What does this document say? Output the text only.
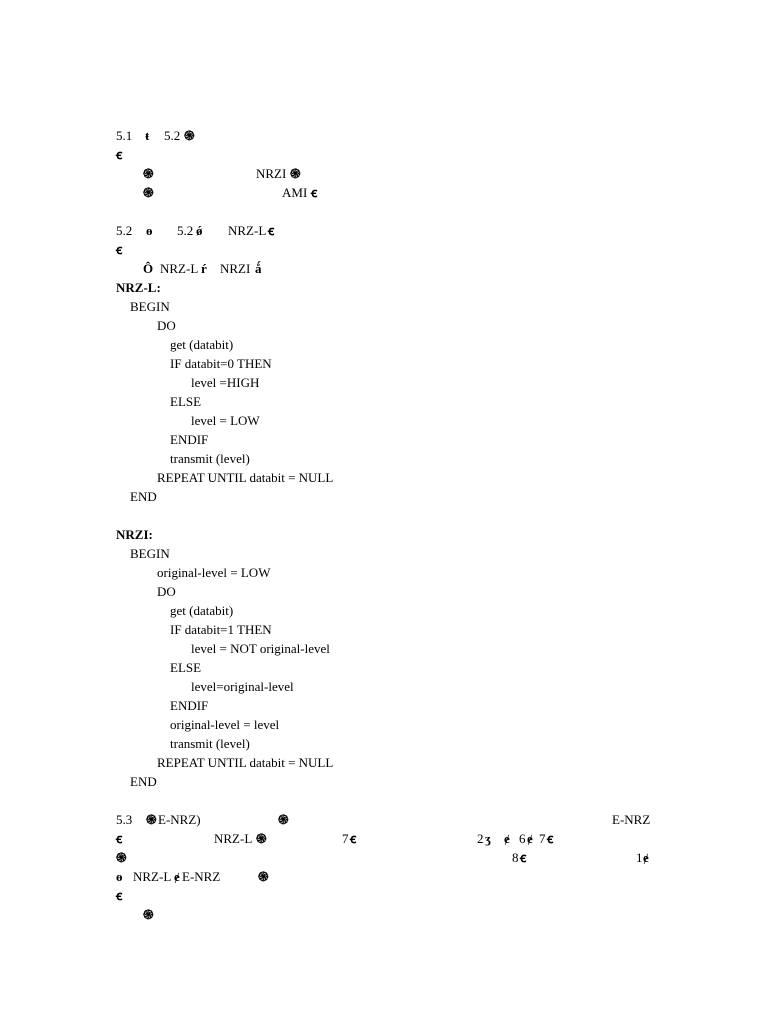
5.1 ŧ 5.2 ֍
ꞓ
֍	NRZI ֍
֍	AMI ꞓ
5.2 ɵ 5.2 ǿ NRZ-L ꞓ
ꞓ
Ô NRZ-L ŕ NRZI ǻ
NRZ-L:
BEGIN
DO
get (databit)
IF databit=0 THEN
level =HIGH
ELSE
level = LOW
ENDIF
transmit (level)
REPEAT UNTIL databit = NULL
END
NRZI:
BEGIN
original-level = LOW
DO
get (databit)
IF databit=1 THEN
level = NOT original-level
ELSE
level=original-level
ENDIF
original-level = level
transmit (level)
REPEAT UNTIL databit = NULL
END
5.3 ֍ E-NRZ)	֍	E-NRZ
ꞓ	NRZ-L ֍	7 ꞓ	2 ʒ ɇ 6 ɇ 7 ꞓ
֍	8 ꞓ	1 ɇ
ɵ NRZ-L ɇ E-NRZ	֍
ꞓ
֍
